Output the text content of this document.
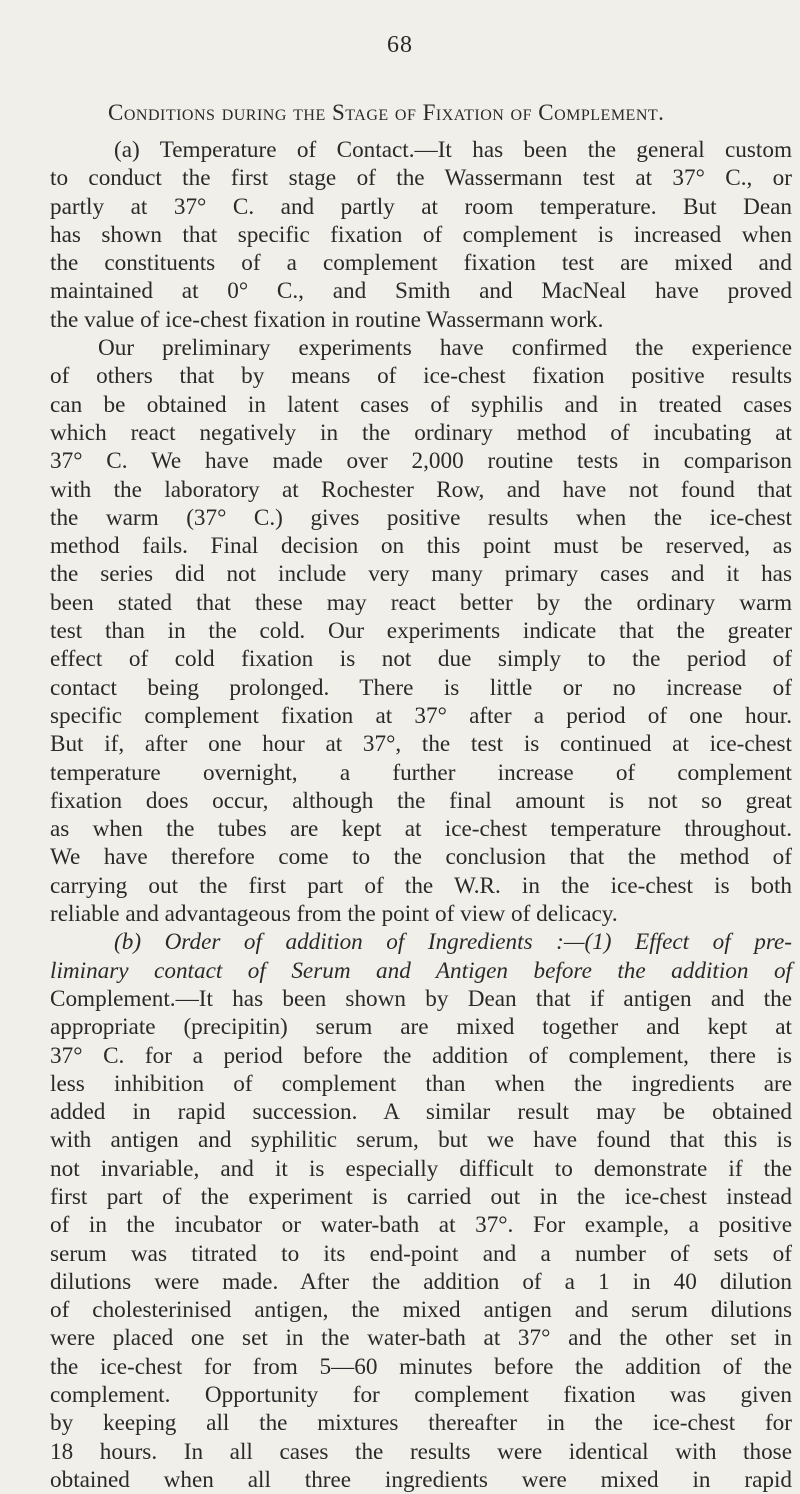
68
Conditions during the Stage of Fixation of Complement.
(a) Temperature of Contact.—It has been the general custom
to conduct the first stage of the Wassermann test at 37° C., or
partly at 37° C. and partly at room temperature. But Dean
has shown that specific fixation of complement is increased when
the constituents of a complement fixation test are mixed and
maintained at 0° C., and Smith and MacNeal have proved
the value of ice-chest fixation in routine Wassermann work.
Our preliminary experiments have confirmed the experience
of others that by means of ice-chest fixation positive results
can be obtained in latent cases of syphilis and in treated cases
which react negatively in the ordinary method of incubating at
37° C. We have made over 2,000 routine tests in comparison
with the laboratory at Rochester Row, and have not found that
the warm (37° C.) gives positive results when the ice-chest
method fails. Final decision on this point must be reserved, as
the series did not include very many primary cases and it has
been stated that these may react better by the ordinary warm
test than in the cold. Our experiments indicate that the greater
effect of cold fixation is not due simply to the period of
contact being prolonged. There is little or no increase of
specific complement fixation at 37° after a period of one hour.
But if, after one hour at 37°, the test is continued at ice-chest
temperature overnight, a further increase of complement
fixation does occur, although the final amount is not so great
as when the tubes are kept at ice-chest temperature throughout.
We have therefore come to the conclusion that the method of
carrying out the first part of the W.R. in the ice-chest is both
reliable and advantageous from the point of view of delicacy.
(b) Order of addition of Ingredients :—(1) Effect of pre-
liminary contact of Serum and Antigen before the addition of
Complement.—It has been shown by Dean that if antigen and the
appropriate (precipitin) serum are mixed together and kept at
37° C. for a period before the addition of complement, there is
less inhibition of complement than when the ingredients are
added in rapid succession. A similar result may be obtained
with antigen and syphilitic serum, but we have found that this is
not invariable, and it is especially difficult to demonstrate if the
first part of the experiment is carried out in the ice-chest instead
of in the incubator or water-bath at 37°. For example, a positive
serum was titrated to its end-point and a number of sets of
dilutions were made. After the addition of a 1 in 40 dilution
of cholesterinised antigen, the mixed antigen and serum dilutions
were placed one set in the water-bath at 37° and the other set in
the ice-chest for from 5—60 minutes before the addition of the
complement. Opportunity for complement fixation was given
by keeping all the mixtures thereafter in the ice-chest for
18 hours. In all cases the results were identical with those
obtained when all three ingredients were mixed in rapid
